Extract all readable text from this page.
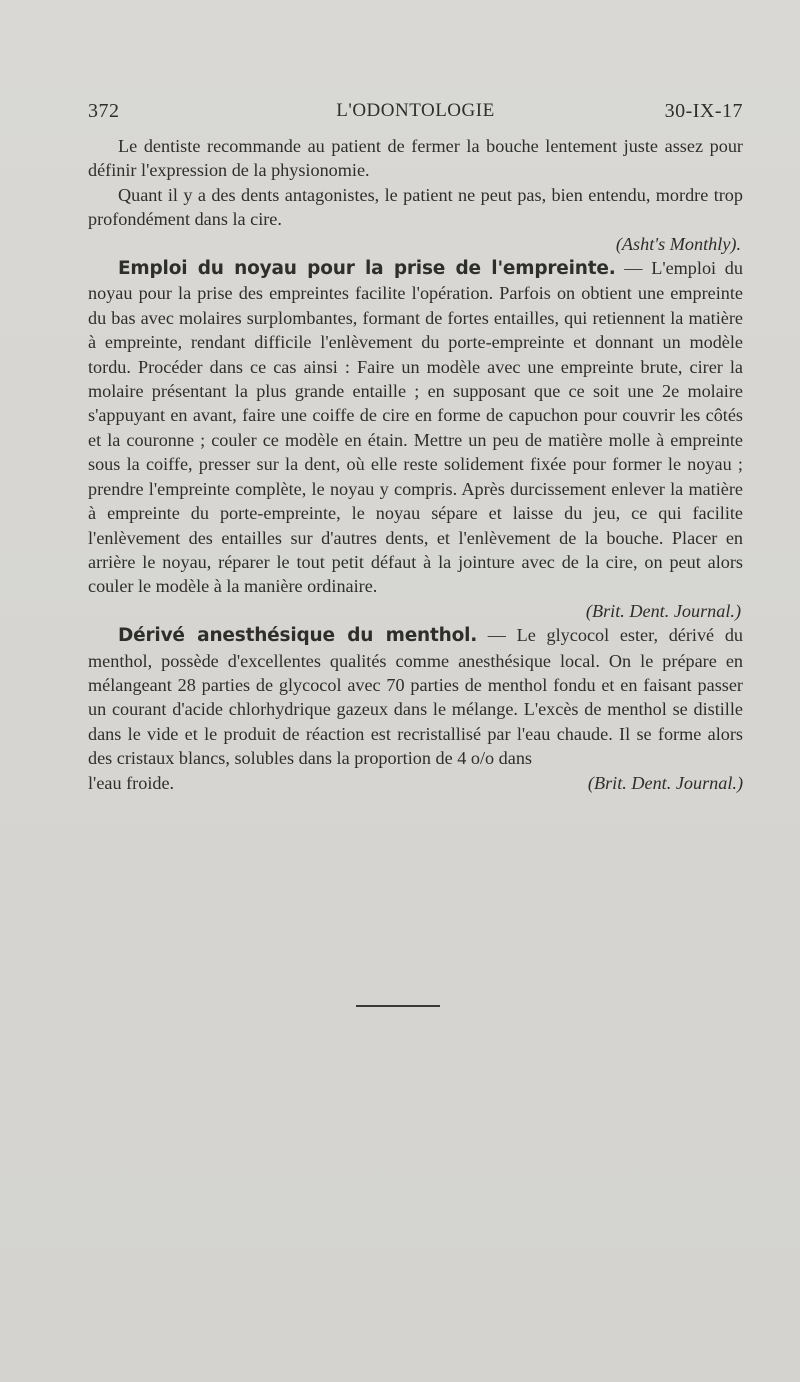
372	L'ODONTOLOGIE	30-IX-17

Le dentiste recommande au patient de fermer la bouche lentement juste assez pour définir l'expression de la physionomie.

Quant il y a des dents antagonistes, le patient ne peut pas, bien entendu, mordre trop profondément dans la cire.

(Asht's Monthly).

Emploi du noyau pour la prise de l'empreinte. — L'emploi du noyau pour la prise des empreintes facilite l'opération. Parfois on obtient une empreinte du bas avec molaires surplombantes, formant de fortes entailles, qui retiennent la matière à empreinte, rendant difficile l'enlèvement du porte-empreinte et donnant un modèle tordu. Procéder dans ce cas ainsi : Faire un modèle avec une empreinte brute, cirer la molaire présentant la plus grande entaille ; en supposant que ce soit une 2e molaire s'appuyant en avant, faire une coiffe de cire en forme de capuchon pour couvrir les côtés et la couronne ; couler ce modèle en étain. Mettre un peu de matière molle à empreinte sous la coiffe, presser sur la dent, où elle reste solidement fixée pour former le noyau ; prendre l'empreinte complète, le noyau y compris. Après durcissement enlever la matière à empreinte du porte-empreinte, le noyau sépare et laisse du jeu, ce qui facilite l'enlèvement des entailles sur d'autres dents, et l'enlèvement de la bouche. Placer en arrière le noyau, réparer le tout petit défaut à la jointure avec de la cire, on peut alors couler le modèle à la manière ordinaire.

(Brit. Dent. Journal.)

Dérivé anesthésique du menthol. — Le glycocol ester, dérivé du menthol, possède d'excellentes qualités comme anesthésique local. On le prépare en mélangeant 28 parties de glycocol avec 70 parties de menthol fondu et en faisant passer un courant d'acide chlorhydrique gazeux dans le mélange. L'excès de menthol se distille dans le vide et le produit de réaction est recristallisé par l'eau chaude. Il se forme alors des cristaux blancs, solubles dans la proportion de 4 o/o dans

l'eau froide.	(Brit. Dent. Journal.)
